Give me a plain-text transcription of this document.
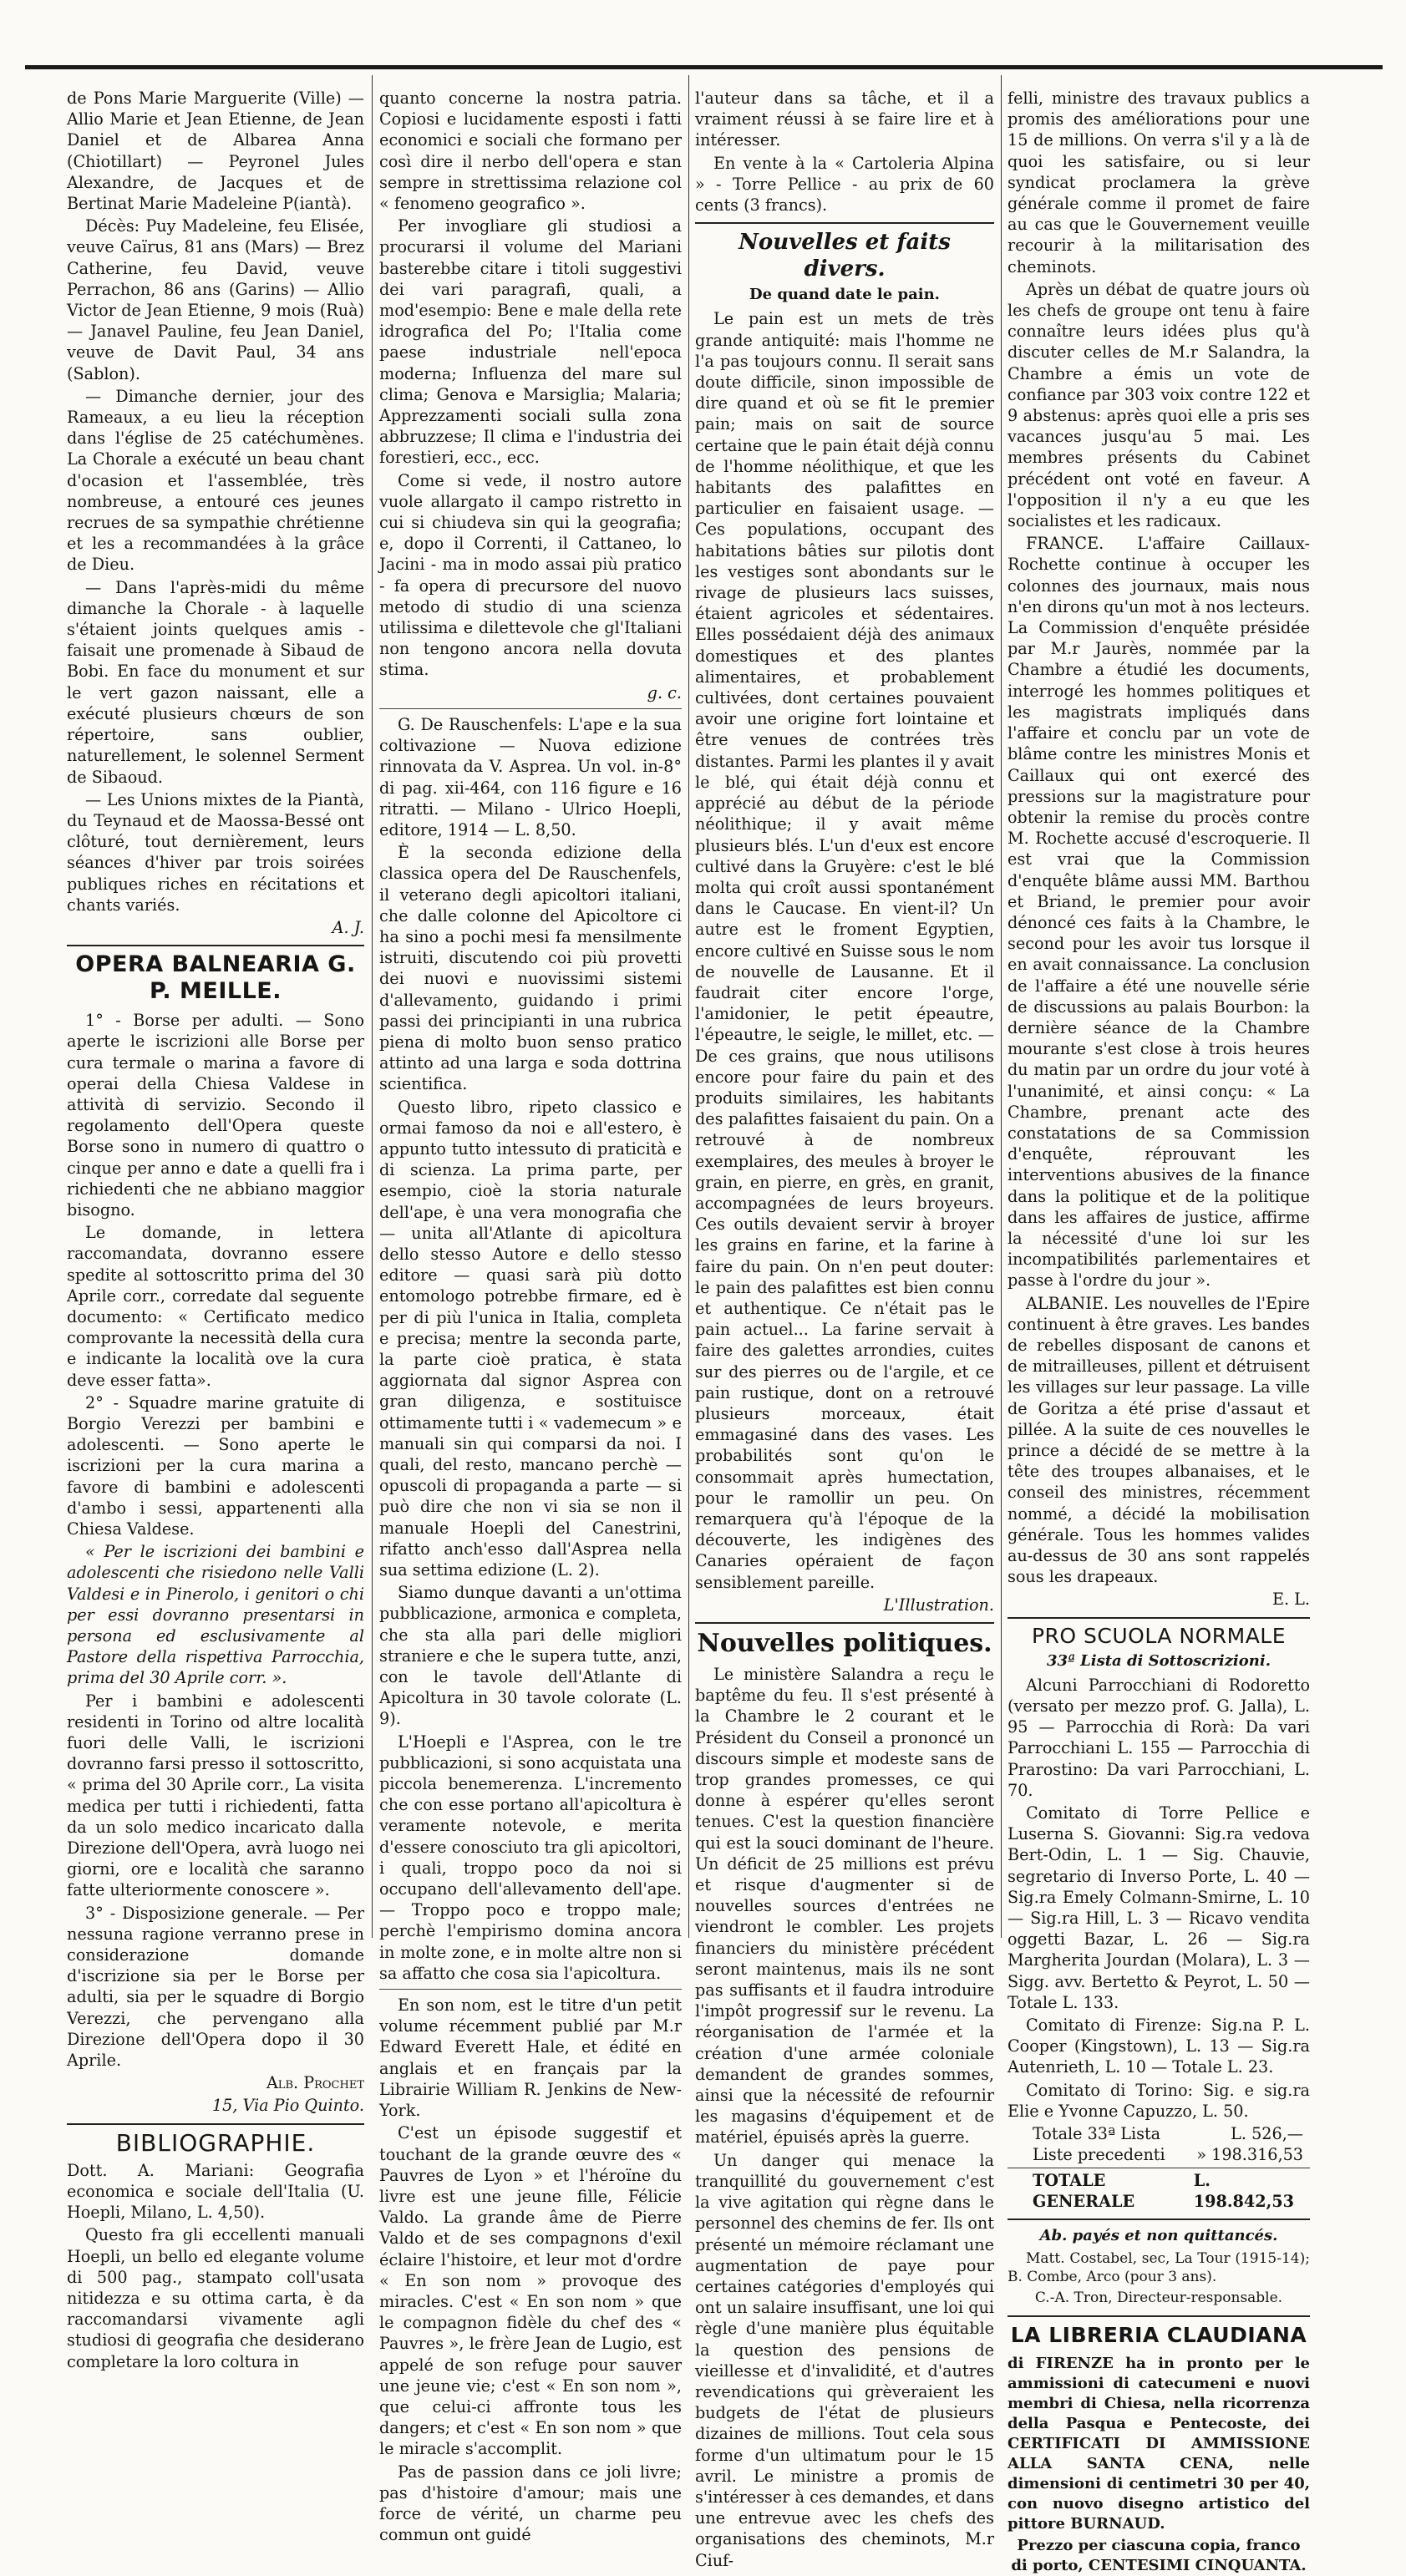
de Pons Marie Marguerite (Ville) — Allio Marie et Jean Etienne, de Jean Daniel et de Albarea Anna (Chiotillart) — Peyronel Jules Alexandre, de Jacques et de Bertinat Marie Madeleine P(iantà).

Décès: Puy Madeleine, feu Elisée, veuve Caïrus, 81 ans (Mars) — Brez Catherine, feu David, veuve Perrachon, 86 ans (Garins) — Allio Victor de Jean Etienne, 9 mois (Ruà) — Janavel Pauline, feu Jean Daniel, veuve de Davit Paul, 34 ans (Sablon).

— Dimanche dernier, jour des Rameaux, a eu lieu la réception dans l'église de 25 catéchumènes. La Chorale a exécuté un beau chant d'ocasion et l'assemblée, très nombreuse, a entouré ces jeunes recrues de sa sympathie chrétienne et les a recommandées à la grâce de Dieu.

— Dans l'après-midi du même dimanche la Chorale - à laquelle s'étaient joints quelques amis - faisait une promenade à Sibaud de Bobi. En face du monument et sur le vert gazon naissant, elle a exécuté plusieurs chœurs de son répertoire, sans oublier, naturellement, le solennel Serment de Sibaoud.

— Les Unions mixtes de la Piantà, du Teynaud et de Maossa-Bessé ont clôturé, tout dernièrement, leurs séances d'hiver par trois soirées publiques riches en récitations et chants variés.

A. J.

OPERA BALNEARIA G. P. MEILLE.

1° - Borse per adulti. — Sono aperte le iscrizioni alle Borse per cura termale o marina a favore di operai della Chiesa Valdese in attività di servizio. Secondo il regolamento dell'Opera queste Borse sono in numero di quattro o cinque per anno e date a quelli fra i richiedenti che ne abbiano maggior bisogno.

Le domande, in lettera raccomandata, dovranno essere spedite al sottoscritto prima del 30 Aprile corr., corredate dal seguente documento: « Certificato medico comprovante la necessità della cura e indicante la località ove la cura deve esser fatta».

2° - Squadre marine gratuite di Borgio Verezzi per bambini e adolescenti. — Sono aperte le iscrizioni per la cura marina a favore di bambini e adolescenti d'ambo i sessi, appartenenti alla Chiesa Valdese.

« Per le iscrizioni dei bambini e adolescenti che risiedono nelle Valli Valdesi e in Pinerolo, i genitori o chi per essi dovranno presentarsi in persona ed esclusivamente al Pastore della rispettiva Parrocchia, prima del 30 Aprile corr. ».

Per i bambini e adolescenti residenti in Torino od altre località fuori delle Valli, le iscrizioni dovranno farsi presso il sottoscritto, « prima del 30 Aprile corr., La visita medica per tutti i richiedenti, fatta da un solo medico incaricato dalla Direzione dell'Opera, avrà luogo nei giorni, ore e località che saranno fatte ulteriormente conoscere ».

3° - Disposizione generale. — Per nessuna ragione verranno prese in considerazione domande d'iscrizione sia per le Borse per adulti, sia per le squadre di Borgio Verezzi, che pervengano alla Direzione dell'Opera dopo il 30 Aprile.

Alb. Prochet

15, Via Pio Quinto.

BIBLIOGRAPHIE.

Dott. A. Mariani: Geografia economica e sociale dell'Italia (U. Hoepli, Milano, L. 4,50).

Questo fra gli eccellenti manuali Hoepli, un bello ed elegante volume di 500 pag., stampato coll'usata nitidezza e su ottima carta, è da raccomandarsi vivamente agli studiosi di geografia che desiderano completare la loro coltura in

quanto concerne la nostra patria. Copiosi e lucidamente esposti i fatti economici e sociali che formano per così dire il nerbo dell'opera e stan sempre in strettissima relazione col « fenomeno geografico ».

Per invogliare gli studiosi a procurarsi il volume del Mariani basterebbe citare i titoli suggestivi dei vari paragrafi, quali, a mod'esempio: Bene e male della rete idrografica del Po; l'Italia come paese industriale nell'epoca moderna; Influenza del mare sul clima; Genova e Marsiglia; Malaria; Apprezzamenti sociali sulla zona abbruzzese; Il clima e l'industria dei forestieri, ecc., ecc.

Come si vede, il nostro autore vuole allargato il campo ristretto in cui si chiudeva sin qui la geografia; e, dopo il Correnti, il Cattaneo, lo Jacini - ma in modo assai più pratico - fa opera di precursore del nuovo metodo di studio di una scienza utilissima e dilettevole che gl'Italiani non tengono ancora nella dovuta stima.

g. c.

G. De Rauschenfels: L'ape e la sua coltivazione — Nuova edizione rinnovata da V. Asprea. Un vol. in-8° di pag. xii-464, con 116 figure e 16 ritratti. — Milano - Ulrico Hoepli, editore, 1914 — L. 8,50.

È la seconda edizione della classica opera del De Rauschenfels, il veterano degli apicoltori italiani, che dalle colonne del Apicoltore ci ha sino a pochi mesi fa mensilmente istruiti, discutendo coi più provetti dei nuovi e nuovissimi sistemi d'allevamento, guidando i primi passi dei principianti in una rubrica piena di molto buon senso pratico attinto ad una larga e soda dottrina scientifica.

Questo libro, ripeto classico e ormai famoso da noi e all'estero, è appunto tutto intessuto di praticità e di scienza. La prima parte, per esempio, cioè la storia naturale dell'ape, è una vera monografia che — unita all'Atlante di apicoltura dello stesso Autore e dello stesso editore — quasi sarà più dotto entomologo potrebbe firmare, ed è per di più l'unica in Italia, completa e precisa; mentre la seconda parte, la parte cioè pratica, è stata aggiornata dal signor Asprea con gran diligenza, e sostituisce ottimamente tutti i « vademecum » e manuali sin qui comparsi da noi. I quali, del resto, mancano perchè — opuscoli di propaganda a parte — si può dire che non vi sia se non il manuale Hoepli del Canestrini, rifatto anch'esso dall'Asprea nella sua settima edizione (L. 2).

Siamo dunque davanti a un'ottima pubblicazione, armonica e completa, che sta alla pari delle migliori straniere e che le supera tutte, anzi, con le tavole dell'Atlante di Apicoltura in 30 tavole colorate (L. 9).

L'Hoepli e l'Asprea, con le tre pubblicazioni, si sono acquistata una piccola benemerenza. L'incremento che con esse portano all'apicoltura è veramente notevole, e merita d'essere conosciuto tra gli apicoltori, i quali, troppo poco da noi si occupano dell'allevamento dell'ape. — Troppo poco e troppo male; perchè l'empirismo domina ancora in molte zone, e in molte altre non si sa affatto che cosa sia l'apicoltura.

En son nom, est le titre d'un petit volume récemment publié par M.r Edward Everett Hale, et édité en anglais et en français par la Librairie William R. Jenkins de New-York.

C'est un épisode suggestif et touchant de la grande œuvre des « Pauvres de Lyon » et l'héroïne du livre est une jeune fille, Félicie Valdo. La grande âme de Pierre Valdo et de ses compagnons d'exil éclaire l'histoire, et leur mot d'ordre « En son nom » provoque des miracles. C'est « En son nom » que le compagnon fidèle du chef des « Pauvres », le frère Jean de Lugio, est appelé de son refuge pour sauver une jeune vie; c'est « En son nom », que celui-ci affronte tous les dangers; et c'est « En son nom » que le miracle s'accomplit.

Pas de passion dans ce joli livre; pas d'histoire d'amour; mais une force de vérité, un charme peu commun ont guidé

l'auteur dans sa tâche, et il a vraiment réussi à se faire lire et à intéresser.

En vente à la « Cartoleria Alpina » - Torre Pellice - au prix de 60 cents (3 francs).

Nouvelles et faits divers.
De quand date le pain.

Le pain est un mets de très grande antiquité: mais l'homme ne l'a pas toujours connu. Il serait sans doute difficile, sinon impossible de dire quand et où se fit le premier pain; mais on sait de source certaine que le pain était déjà connu de l'homme néolithique, et que les habitants des palafittes en particulier en faisaient usage. — Ces populations, occupant des habitations bâties sur pilotis dont les vestiges sont abondants sur le rivage de plusieurs lacs suisses, étaient agricoles et sédentaires. Elles possédaient déjà des animaux domestiques et des plantes alimentaires, et probablement cultivées, dont certaines pouvaient avoir une origine fort lointaine et être venues de contrées très distantes. Parmi les plantes il y avait le blé, qui était déjà connu et apprécié au début de la période néolithique; il y avait même plusieurs blés. L'un d'eux est encore cultivé dans la Gruyère: c'est le blé molta qui croît aussi spontanément dans le Caucase. En vient-il? Un autre est le froment Egyptien, encore cultivé en Suisse sous le nom de nouvelle de Lausanne. Et il faudrait citer encore l'orge, l'amidonier, le petit épeautre, l'épeautre, le seigle, le millet, etc. — De ces grains, que nous utilisons encore pour faire du pain et des produits similaires, les habitants des palafittes faisaient du pain. On a retrouvé à de nombreux exemplaires, des meules à broyer le grain, en pierre, en grès, en granit, accompagnées de leurs broyeurs. Ces outils devaient servir à broyer les grains en farine, et la farine à faire du pain. On n'en peut douter: le pain des palafittes est bien connu et authentique. Ce n'était pas le pain actuel... La farine servait à faire des galettes arrondies, cuites sur des pierres ou de l'argile, et ce pain rustique, dont on a retrouvé plusieurs morceaux, était emmagasiné dans des vases. Les probabilités sont qu'on le consommait après humectation, pour le ramollir un peu. On remarquera qu'à l'époque de la découverte, les indigènes des Canaries opéraient de façon sensiblement pareille.

L'Illustration.

Nouvelles politiques.

Le ministère Salandra a reçu le baptême du feu. Il s'est présenté à la Chambre le 2 courant et le Président du Conseil a prononcé un discours simple et modeste sans de trop grandes promesses, ce qui donne à espérer qu'elles seront tenues. C'est la question financière qui est la souci dominant de l'heure. Un déficit de 25 millions est prévu et risque d'augmenter si de nouvelles sources d'entrées ne viendront le combler. Les projets financiers du ministère précédent seront maintenus, mais ils ne sont pas suffisants et il faudra introduire l'impôt progressif sur le revenu. La réorganisation de l'armée et la création d'une armée coloniale demandent de grandes sommes, ainsi que la nécessité de refournir les magasins d'équipement et de matériel, épuisés après la guerre.

Un danger qui menace la tranquillité du gouvernement c'est la vive agitation qui règne dans le personnel des chemins de fer. Ils ont présenté un mémoire réclamant une augmentation de paye pour certaines catégories d'employés qui ont un salaire insuffisant, une loi qui règle d'une manière plus équitable la question des pensions de vieillesse et d'invalidité, et d'autres revendications qui grèveraient les budgets de l'état de plusieurs dizaines de millions. Tout cela sous forme d'un ultimatum pour le 15 avril. Le ministre a promis de s'intéresser à ces demandes, et dans une entrevue avec les chefs des organisations des cheminots, M.r Ciuf-

felli, ministre des travaux publics a promis des améliorations pour une 15 de millions. On verra s'il y a là de quoi les satisfaire, ou si leur syndicat proclamera la grève générale comme il promet de faire au cas que le Gouvernement veuille recourir à la militarisation des cheminots.

Après un débat de quatre jours où les chefs de groupe ont tenu à faire connaître leurs idées plus qu'à discuter celles de M.r Salandra, la Chambre a émis un vote de confiance par 303 voix contre 122 et 9 abstenus: après quoi elle a pris ses vacances jusqu'au 5 mai. Les membres présents du Cabinet précédent ont voté en faveur. A l'opposition il n'y a eu que les socialistes et les radicaux.

FRANCE. L'affaire Caillaux-Rochette continue à occuper les colonnes des journaux, mais nous n'en dirons qu'un mot à nos lecteurs. La Commission d'enquête présidée par M.r Jaurès, nommée par la Chambre a étudié les documents, interrogé les hommes politiques et les magistrats impliqués dans l'affaire et conclu par un vote de blâme contre les ministres Monis et Caillaux qui ont exercé des pressions sur la magistrature pour obtenir la remise du procès contre M. Rochette accusé d'escroquerie. Il est vrai que la Commission d'enquête blâme aussi MM. Barthou et Briand, le premier pour avoir dénoncé ces faits à la Chambre, le second pour les avoir tus lorsque il en avait connaissance. La conclusion de l'affaire a été une nouvelle série de discussions au palais Bourbon: la dernière séance de la Chambre mourante s'est close à trois heures du matin par un ordre du jour voté à l'unanimité, et ainsi conçu: « La Chambre, prenant acte des constatations de sa Commission d'enquête, réprouvant les interventions abusives de la finance dans la politique et de la politique dans les affaires de justice, affirme la nécessité d'une loi sur les incompatibilités parlementaires et passe à l'ordre du jour ».

ALBANIE. Les nouvelles de l'Epire continuent à être graves. Les bandes de rebelles disposant de canons et de mitrailleuses, pillent et détruisent les villages sur leur passage. La ville de Goritza a été prise d'assaut et pillée. A la suite de ces nouvelles le prince a décidé de se mettre à la tête des troupes albanaises, et le conseil des ministres, récemment nommé, a décidé la mobilisation générale. Tous les hommes valides au-dessus de 30 ans sont rappelés sous les drapeaux.

E. L.

PRO SCUOLA NORMALE
33ª Lista di Sottoscrizioni.

Alcuni Parrocchiani di Rodoretto (versato per mezzo prof. G. Jalla), L. 95 — Parrocchia di Rorà: Da vari Parrocchiani L. 155 — Parrocchia di Prarostino: Da vari Parrocchiani, L. 70.

Comitato di Torre Pellice e Luserna S. Giovanni: Sig.ra vedova Bert-Odin, L. 1 — Sig. Chauvie, segretario di Inverso Porte, L. 40 — Sig.ra Emely Colmann-Smirne, L. 10 — Sig.ra Hill, L. 3 — Ricavo vendita oggetti Bazar, L. 26 — Sig.ra Margherita Jourdan (Molara), L. 3 — Sigg. avv. Bertetto & Peyrot, L. 50 — Totale L. 133.

Comitato di Firenze: Sig.na P. L. Cooper (Kingstown), L. 13 — Sig.ra Autenrieth, L. 10 — Totale L. 23.

Comitato di Torino: Sig. e sig.ra Elie e Yvonne Capuzzo, L. 50.

Totale 33ª Lista	L. 526,—
Liste precedenti » 198.316,53
TOTALE GENERALE
L. 198.842,53
Ab. payés et non quittancés.

Matt. Costabel, sec, La Tour (1915-14); B. Combe, Arco (pour 3 ans).

C.-A. Tron, Directeur-responsable.

LA LIBRERIA CLAUDIANA

di FIRENZE ha in pronto per le ammissioni di catecumeni e nuovi membri di Chiesa, nella ricorrenza della Pasqua e Pentecoste, dei CERTIFICATI DI AMMISSIONE ALLA SANTA CENA, nelle dimensioni di centimetri 30 per 40, con nuovo disegno artistico del pittore BURNAUD.

Prezzo per ciascuna copia, franco di porto, CENTESIMI CINQUANTA.
